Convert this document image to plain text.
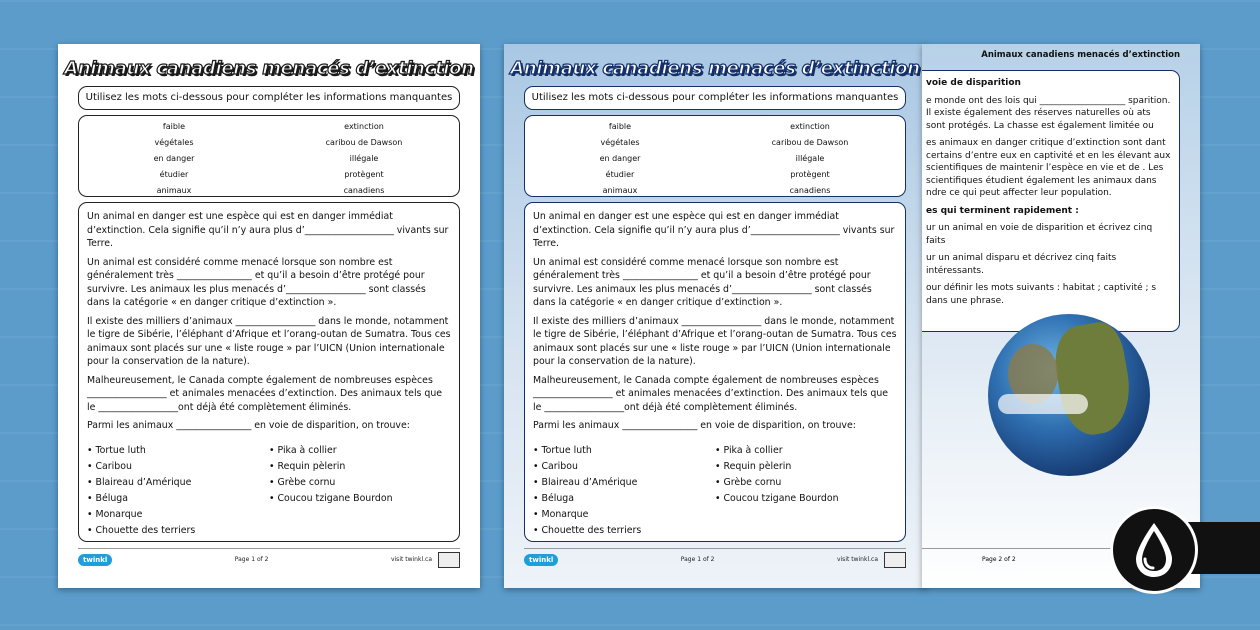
Animaux canadiens menacés d’extinction
Utilisez les mots ci-dessous pour compléter les informations manquantes
faible	extinction
végétales	caribou de Dawson
en danger	illégale
étudier	protègent
animaux	canadiens

Un animal en danger est une espèce qui est en danger immédiat d’extinction. Cela signifie qu’il n’y aura plus d’___________________ vivants sur Terre.

Un animal est considéré comme menacé lorsque son nombre est généralement très ________________ et qu’il a besoin d’être protégé pour survivre. Les animaux les plus menacés d’_________________ sont classés dans la catégorie « en danger critique d’extinction ».

Il existe des milliers d’animaux _________________ dans le monde, notamment le tigre de Sibérie, l’éléphant d’Afrique et l’orang-outan de Sumatra. Tous ces animaux sont placés sur une « liste rouge » par l’UICN (Union internationale pour la conservation de la nature).

Malheureusement, le Canada compte également de nombreuses espèces _________________ et animales menacées d’extinction. Des animaux tels que le _________________ont déjà été complètement éliminés.

Parmi les animaux ________________ en voie de disparition, on trouve:

• Tortue luth
• Caribou
• Blaireau d’Amérique
• Béluga
• Monarque
• Chouette des terriers
• Pika à collier
• Requin pèlerin
• Grèbe cornu
• Coucou tzigane Bourdon
twinkl	Page 1 of 2	visit twinkl.ca
Animaux canadiens menacés d’extinction
Utilisez les mots ci-dessous pour compléter les informations manquantes
faible	extinction
végétales	caribou de Dawson
en danger	illégale
étudier	protègent
animaux	canadiens

Un animal en danger est une espèce qui est en danger immédiat d’extinction. Cela signifie qu’il n’y aura plus d’___________________ vivants sur Terre.

Un animal est considéré comme menacé lorsque son nombre est généralement très ________________ et qu’il a besoin d’être protégé pour survivre. Les animaux les plus menacés d’_________________ sont classés dans la catégorie « en danger critique d’extinction ».

Il existe des milliers d’animaux _________________ dans le monde, notamment le tigre de Sibérie, l’éléphant d’Afrique et l’orang-outan de Sumatra. Tous ces animaux sont placés sur une « liste rouge » par l’UICN (Union internationale pour la conservation de la nature).

Malheureusement, le Canada compte également de nombreuses espèces _________________ et animales menacées d’extinction. Des animaux tels que le _________________ont déjà été complètement éliminés.

Parmi les animaux ________________ en voie de disparition, on trouve:

• Tortue luth
• Caribou
• Blaireau d’Amérique
• Béluga
• Monarque
• Chouette des terriers
• Pika à collier
• Requin pèlerin
• Grèbe cornu
• Coucou tzigane Bourdon
twinkl	Page 1 of 2	visit twinkl.ca
Animaux canadiens menacés d’extinction

voie de disparition

e monde ont des lois qui ___________________ sparition. Il existe également des réserves naturelles où ats sont protégés. La chasse est également limitée ou

es animaux en danger critique d’extinction sont dant certains d’entre eux en captivité et en les élevant aux scientifiques de maintenir l’espèce en vie et de . Les scientifiques étudient également les animaux dans ndre ce qui peut affecter leur population.

es qui terminent rapidement :

ur un animal en voie de disparition et écrivez cinq faits

ur un animal disparu et décrivez cinq faits intéressants.

our définir les mots suivants : habitat ; captivité ; s dans une phrase.

Page 2 of 2
